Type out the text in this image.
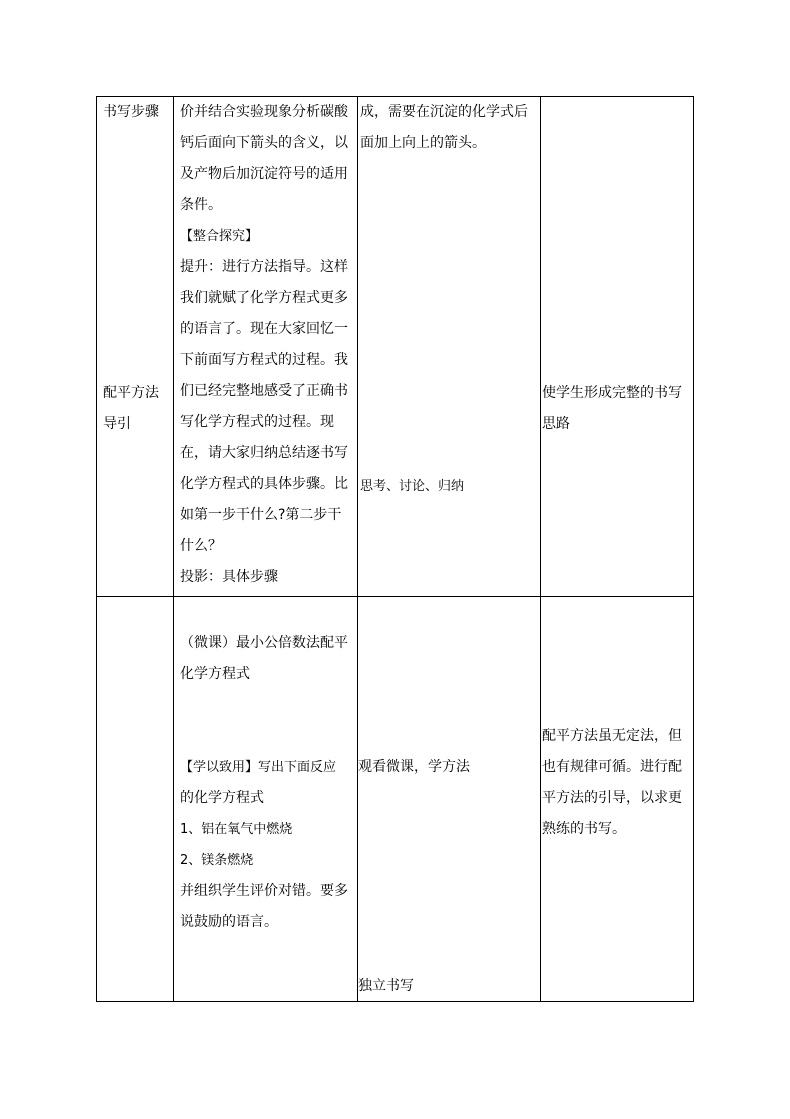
书写步骤
配平方法
导引
价并结合实验现象分析碳酸
钙后面向下箭头的含义，以
及产物后加沉淀符号的适用
条件。
【整合探究】
提升：进行方法指导。这样
我们就赋了化学方程式更多
的语言了。现在大家回忆一
下前面写方程式的过程。我
们已经完整地感受了正确书
写化学方程式的过程。现
在，请大家归纳总结逐书写
化学方程式的具体步骤。比
如第一步干什么?第二步干
什么？
投影：具体步骤
成，需要在沉淀的化学式后
面加上向上的箭头。
思考、讨论、归纳
使学生形成完整的书写
思路
（微课）最小公倍数法配平
化学方程式
【学以致用】写出下面反应
的化学方程式
1、铝在氧气中燃烧
2、镁条燃烧
并组织学生评价对错。要多
说鼓励的语言。
观看微课，学方法
独立书写
配平方法虽无定法，但
也有规律可循。进行配
平方法的引导，以求更
熟练的书写。
